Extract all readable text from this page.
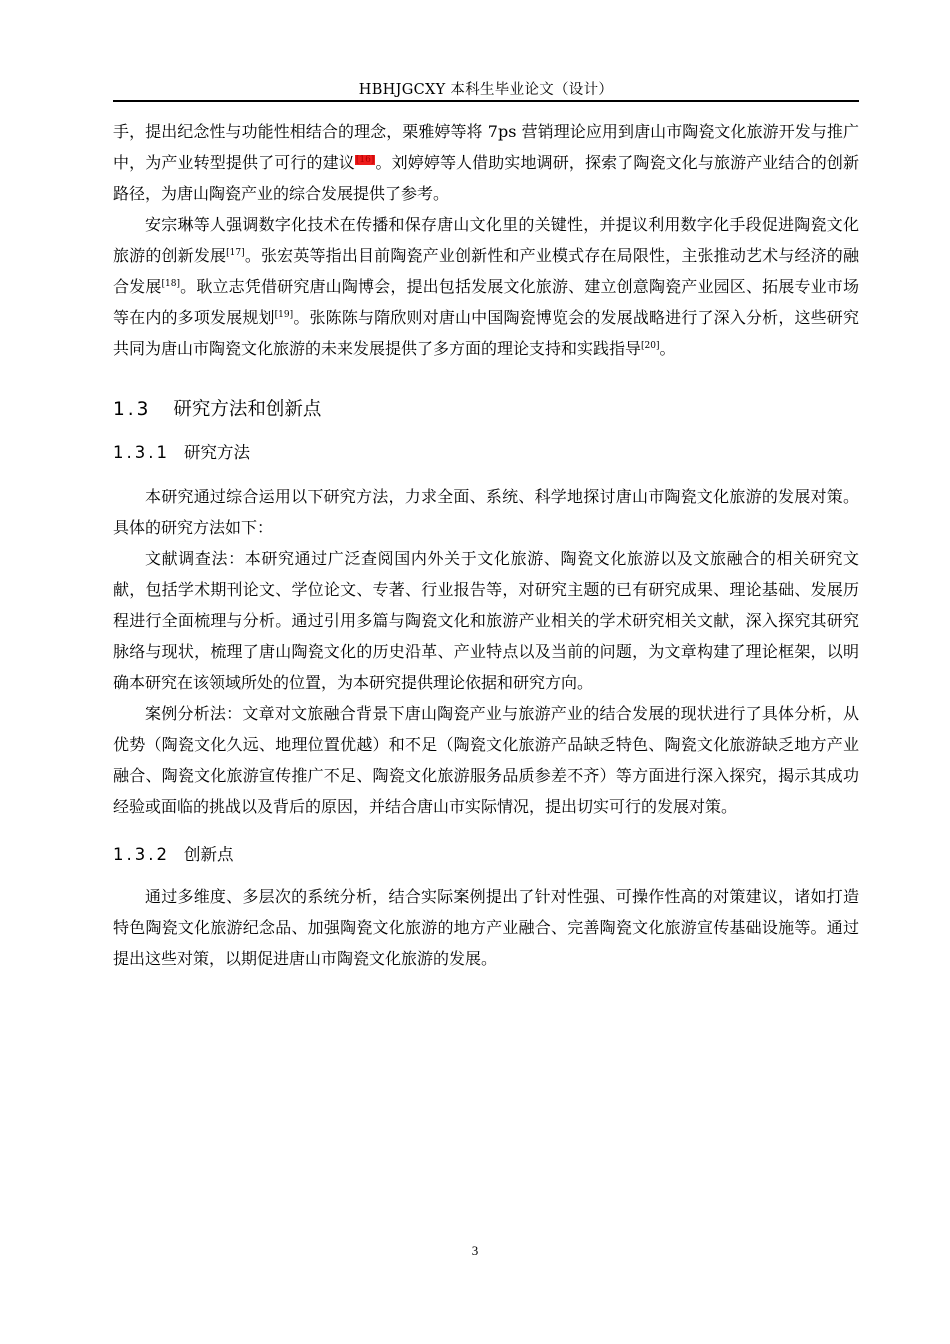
HBHJGCXY 本科生毕业论文（设计）

手，提出纪念性与功能性相结合的理念，栗雅婷等将 7ps 营销理论应用到唐山市陶瓷文化旅游开发与推广中，为产业转型提供了可行的建议[16]。刘婷婷等人借助实地调研，探索了陶瓷文化与旅游产业结合的创新路径，为唐山陶瓷产业的综合发展提供了参考。

安宗琳等人强调数字化技术在传播和保存唐山文化里的关键性，并提议利用数字化手段促进陶瓷文化旅游的创新发展[17]。张宏英等指出目前陶瓷产业创新性和产业模式存在局限性，主张推动艺术与经济的融合发展[18]。耿立志凭借研究唐山陶博会，提出包括发展文化旅游、建立创意陶瓷产业园区、拓展专业市场等在内的多项发展规划[19]。张陈陈与隋欣则对唐山中国陶瓷博览会的发展战略进行了深入分析，这些研究共同为唐山市陶瓷文化旅游的未来发展提供了多方面的理论支持和实践指导[20]。

1.3 研究方法和创新点
1.3.1 研究方法

本研究通过综合运用以下研究方法，力求全面、系统、科学地探讨唐山市陶瓷文化旅游的发展对策。具体的研究方法如下：

文献调查法：本研究通过广泛查阅国内外关于文化旅游、陶瓷文化旅游以及文旅融合的相关研究文献，包括学术期刊论文、学位论文、专著、行业报告等，对研究主题的已有研究成果、理论基础、发展历程进行全面梳理与分析。通过引用多篇与陶瓷文化和旅游产业相关的学术研究相关文献，深入探究其研究脉络与现状，梳理了唐山陶瓷文化的历史沿革、产业特点以及当前的问题，为文章构建了理论框架，以明确本研究在该领域所处的位置，为本研究提供理论依据和研究方向。

案例分析法：文章对文旅融合背景下唐山陶瓷产业与旅游产业的结合发展的现状进行了具体分析，从优势（陶瓷文化久远、地理位置优越）和不足（陶瓷文化旅游产品缺乏特色、陶瓷文化旅游缺乏地方产业融合、陶瓷文化旅游宣传推广不足、陶瓷文化旅游服务品质参差不齐）等方面进行深入探究，揭示其成功经验或面临的挑战以及背后的原因，并结合唐山市实际情况，提出切实可行的发展对策。

1.3.2 创新点

通过多维度、多层次的系统分析，结合实际案例提出了针对性强、可操作性高的对策建议，诸如打造特色陶瓷文化旅游纪念品、加强陶瓷文化旅游的地方产业融合、完善陶瓷文化旅游宣传基础设施等。通过提出这些对策，以期促进唐山市陶瓷文化旅游的发展。

3
